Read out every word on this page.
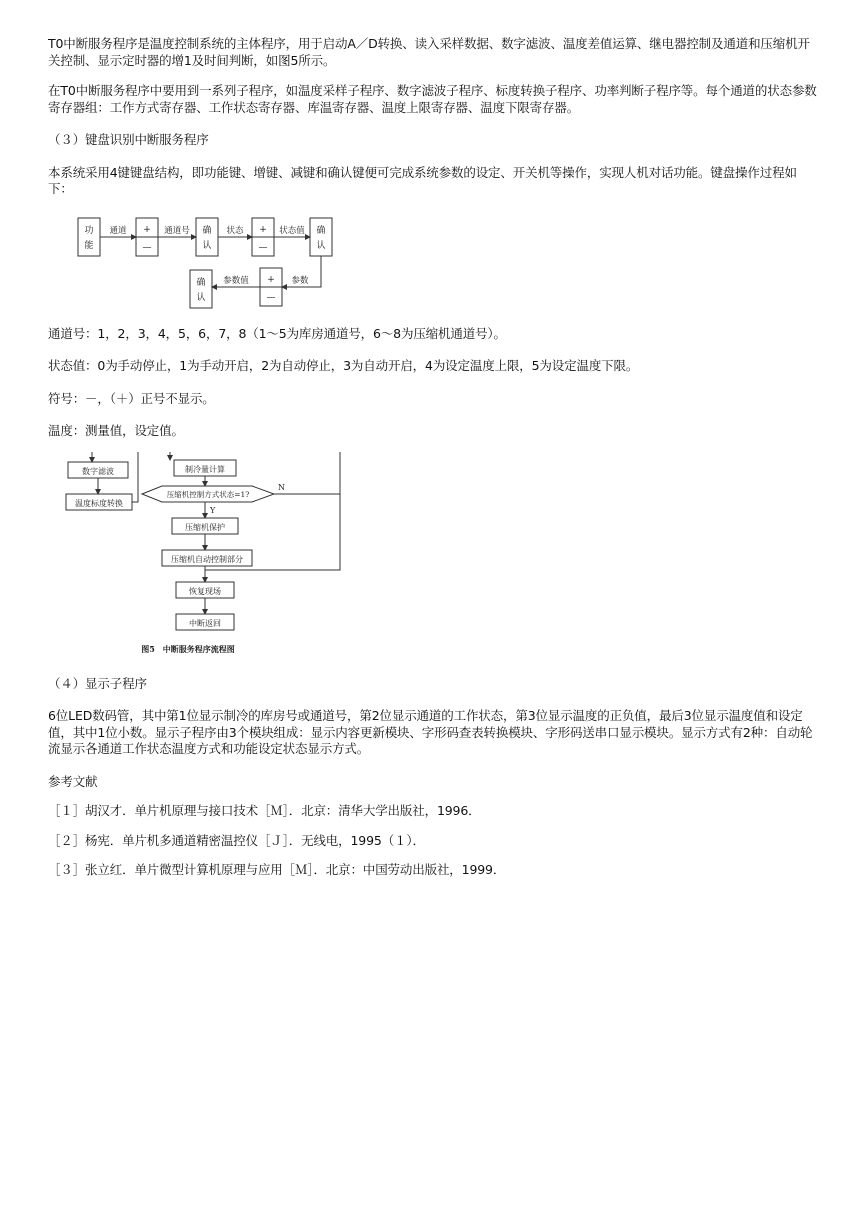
T0中断服务程序是温度控制系统的主体程序，用于启动A／D转换、读入采样数据、数字滤波、温度差值运算、继电器控制及通道和压缩机开关控制、显示定时器的增1及时间判断，如图5所示。

在T0中断服务程序中要用到一系列子程序，如温度采样子程序、数字滤波子程序、标度转换子程序、功率判断子程序等。每个通道的状态参数寄存器组：工作方式寄存器、工作状态寄存器、库温寄存器、温度上限寄存器、温度下限寄存器。

（３）键盘识别中断服务程序

本系统采用4键键盘结构，即功能键、增键、减键和确认键便可完成系统参数的设定、开关机等操作，实现人机对话功能。键盘操作过程如下：

功
能
+
—
确
认
+
—
确
认
确
认
+
—
通道	通道号	状态	状态值
参数
参数值

通道号：1，2，3，4，5，6，7，8（1～5为库房通道号，6～8为压缩机通道号）。

状态值：0为手动停止，1为手动开启，2为自动停止，3为自动开启，4为设定温度上限，5为设定温度下限。

符号：－，（＋）正号不显示。

温度：测量值，设定值。

数字滤波
温度标度转换
制冷量计算
压缩机控制方式状态=1?
Y
N
压缩机保护
压缩机自动控制部分
恢复现场
中断返回
图5　中断服务程序流程图

（４）显示子程序

6位LED数码管，其中第1位显示制冷的库房号或通道号，第2位显示通道的工作状态，第3位显示温度的正负值，最后3位显示温度值和设定值，其中1位小数。显示子程序由3个模块组成：显示内容更新模块、字形码查表转换模块、字形码送串口显示模块。显示方式有2种：自动轮流显示各通道工作状态温度方式和功能设定状态显示方式。

参考文献

［１］胡汉才．单片机原理与接口技术［Ｍ］．北京：清华大学出版社，1996．

［２］杨宪．单片机多通道精密温控仪［Ｊ］．无线电，1995（１）．

［３］张立红．单片微型计算机原理与应用［Ｍ］．北京：中国劳动出版社，1999．
